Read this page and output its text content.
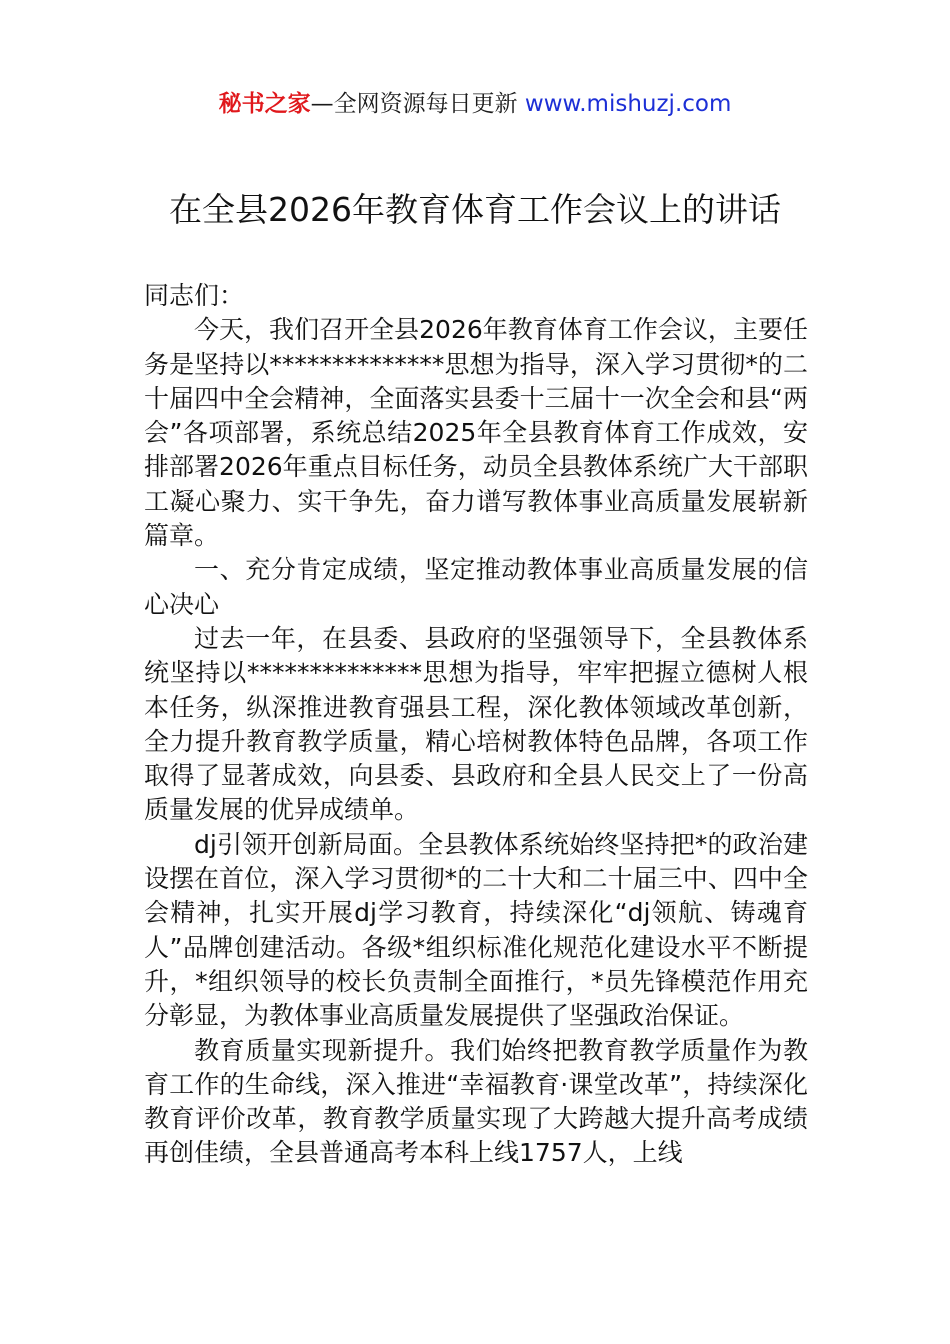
秘书之家—全网资源每日更新 www.mishuzj.com
在全县2026年教育体育工作会议上的讲话

同志们：

今天，我们召开全县2026年教育体育工作会议，主要任务是坚持以**************思想为指导，深入学习贯彻*的二十届四中全会精神，全面落实县委十三届十一次全会和县“两会”各项部署，系统总结2025年全县教育体育工作成效，安排部署2026年重点目标任务，动员全县教体系统广大干部职工凝心聚力、实干争先，奋力谱写教体事业高质量发展崭新篇章。

一、充分肯定成绩，坚定推动教体事业高质量发展的信心决心

过去一年，在县委、县政府的坚强领导下，全县教体系统坚持以**************思想为指导，牢牢把握立德树人根本任务，纵深推进教育强县工程，深化教体领域改革创新，全力提升教育教学质量，精心培树教体特色品牌，各项工作取得了显著成效，向县委、县政府和全县人民交上了一份高质量发展的优异成绩单。

dj引领开创新局面。全县教体系统始终坚持把*的政治建设摆在首位，深入学习贯彻*的二十大和二十届三中、四中全会精神，扎实开展dj学习教育，持续深化“dj领航、铸魂育人”品牌创建活动。各级*组织标准化规范化建设水平不断提升，*组织领导的校长负责制全面推行，*员先锋模范作用充分彰显，为教体事业高质量发展提供了坚强政治保证。

教育质量实现新提升。我们始终把教育教学质量作为教育工作的生命线，深入推进“幸福教育·课堂改革”，持续深化教育评价改革，教育教学质量实现了大跨越大提升高考成绩再创佳绩，全县普通高考本科上线1757人，上线
